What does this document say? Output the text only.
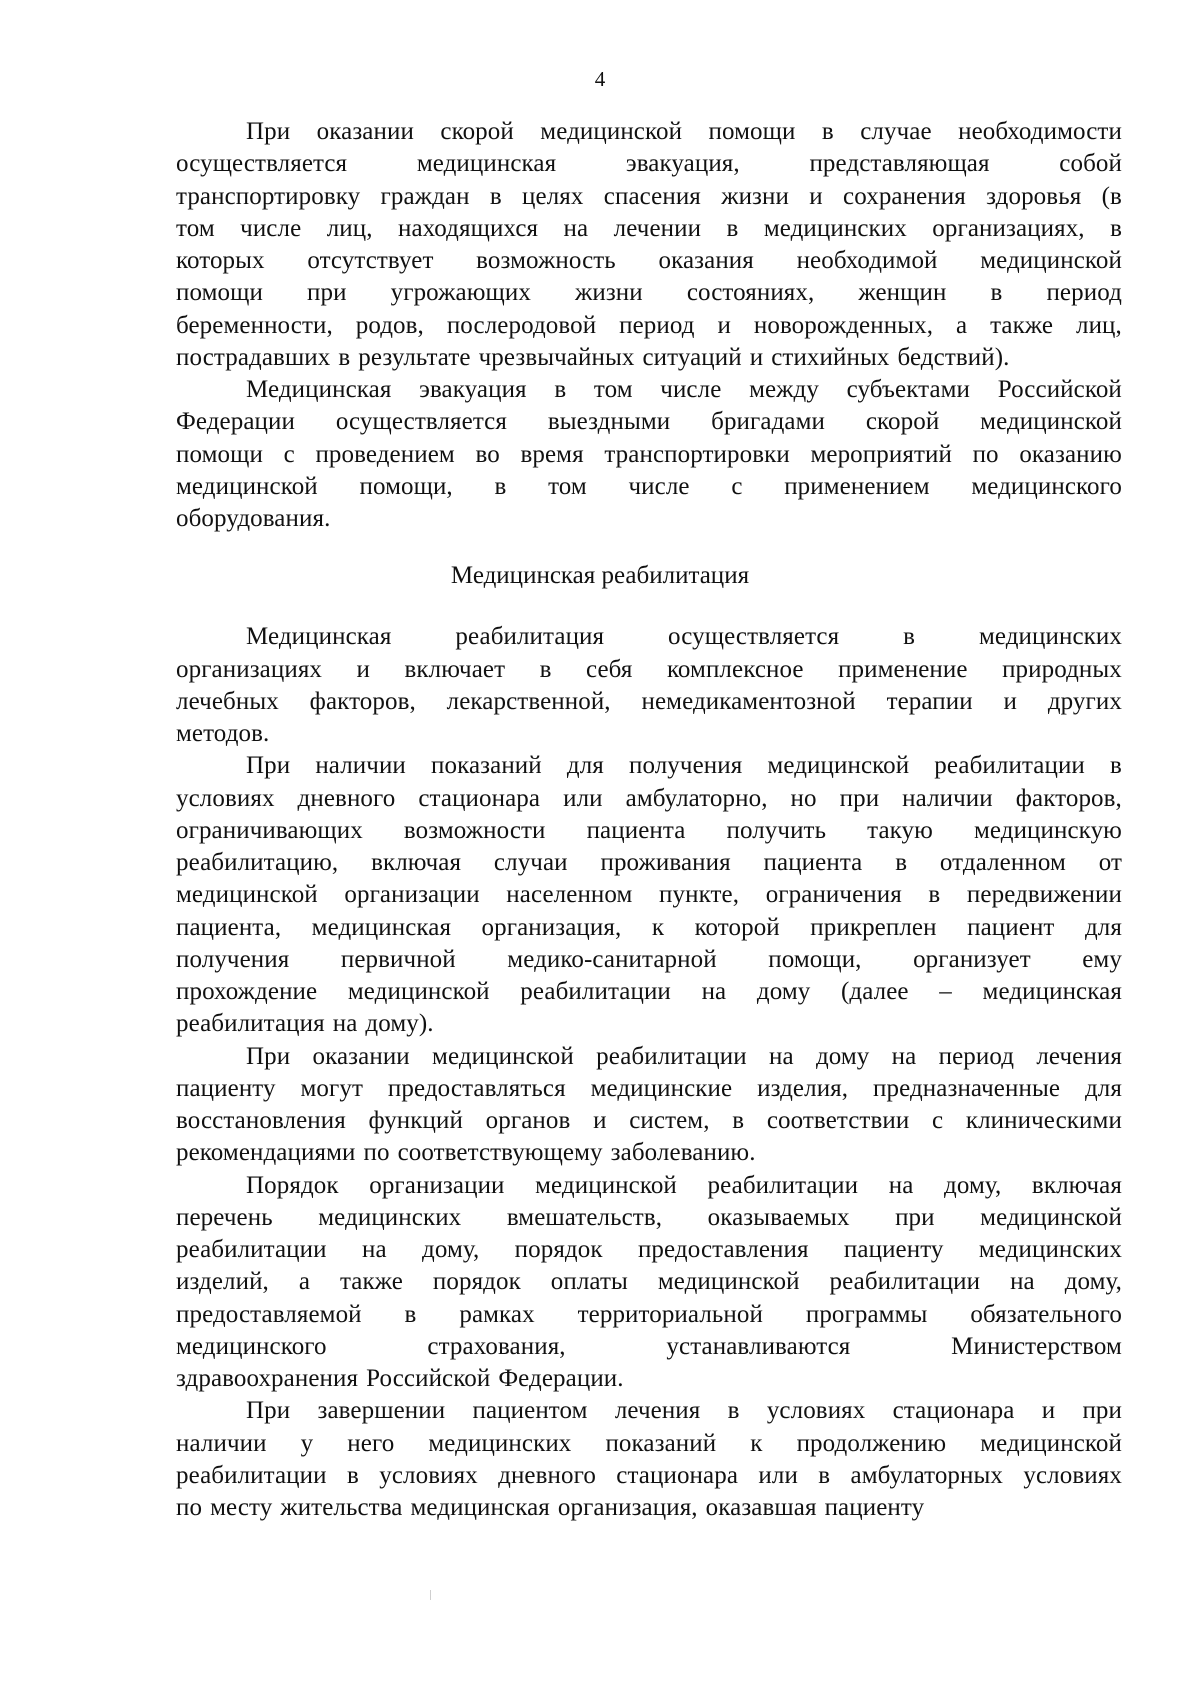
4
При оказании скорой медицинской помощи в случае необходимости
осуществляется	медицинская	эвакуация,	представляющая	собой
транспортировку граждан в целях спасения жизни и сохранения здоровья (в
том числе лиц, находящихся на лечении в медицинских организациях, в
которых отсутствует возможность оказания необходимой медицинской
помощи при угрожающих жизни состояниях, женщин в период
беременности, родов, послеродовой период и новорожденных, а также лиц,
пострадавших в результате чрезвычайных ситуаций и стихийных бедствий).
Медицинская эвакуация в том числе между субъектами Российской
Федерации осуществляется выездными бригадами скорой медицинской
помощи с проведением во время транспортировки мероприятий по оказанию
медицинской помощи, в том числе с применением медицинского
оборудования.
Медицинская реабилитация
Медицинская	реабилитация	осуществляется	в	медицинских
организациях и включает в себя комплексное применение природных
лечебных факторов, лекарственной, немедикаментозной терапии и других
методов.
При наличии показаний для получения медицинской реабилитации в
условиях дневного стационара или амбулаторно, но при наличии факторов,
ограничивающих возможности пациента получить такую медицинскую
реабилитацию, включая случаи проживания пациента в отдаленном от
медицинской организации населенном пункте, ограничения в передвижении
пациента, медицинская организация, к которой прикреплен пациент для
получения первичной медико-санитарной помощи, организует ему
прохождение медицинской реабилитации на дому (далее – медицинская
реабилитация на дому).
При оказании медицинской реабилитации на дому на период лечения
пациенту могут предоставляться медицинские изделия, предназначенные для
восстановления функций органов и систем, в соответствии с клиническими
рекомендациями по соответствующему заболеванию.
Порядок организации медицинской реабилитации на дому, включая
перечень медицинских вмешательств, оказываемых при медицинской
реабилитации на дому, порядок предоставления пациенту медицинских
изделий, а также порядок оплаты медицинской реабилитации на дому,
предоставляемой в рамках территориальной программы обязательного
медицинского	страхования,	устанавливаются	Министерством
здравоохранения Российской Федерации.
При завершении пациентом лечения в условиях стационара и при
наличии у него медицинских показаний к продолжению медицинской
реабилитации в условиях дневного стационара или в амбулаторных условиях
по месту жительства медицинская организация, оказавшая пациенту
